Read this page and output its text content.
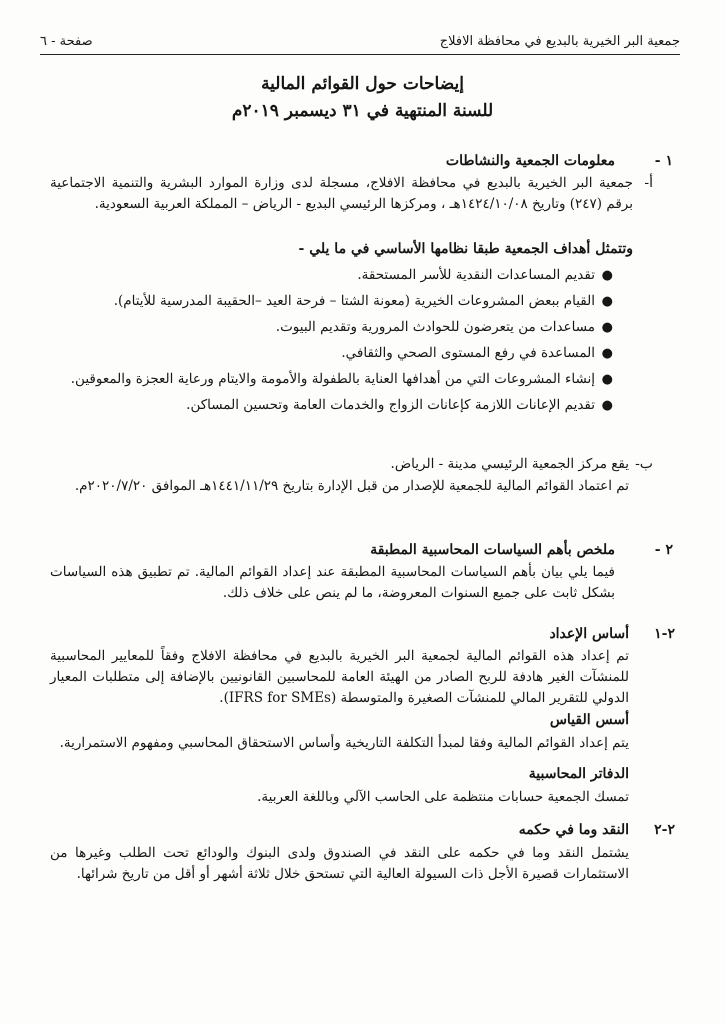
جمعية البر الخيرية بالبديع في محافظة الافلاج
صفحة - ٦
إيضاحات حول القوائم المالية
للسنة المنتهية في ٣١ ديسمبر ٢٠١٩م
١ -
معلومات الجمعية والنشاطات
أ-
جمعية البر الخيرية بالبديع في محافظة الافلاج، مسجلة لدى وزارة الموارد البشرية والتنمية الاجتماعية برقم (٢٤٧) وتاريخ ١٤٢٤/١٠/٠٨هـ ، ومركزها الرئيسي البديع - الرياض – المملكة العربية السعودية.
وتتمثل أهداف الجمعية طبقا نظامها الأساسي في ما يلي -
●
تقديم المساعدات النقدية للأسر المستحقة.
●
القيام ببعض المشروعات الخيرية (معونة الشتا – فرحة العيد –الحقيبة المدرسية للأيتام).
●
مساعدات من يتعرضون للحوادث المرورية وتقديم البيوت.
●
المساعدة في رفع المستوى الصحي والثقافي.
●
إنشاء المشروعات التي من أهدافها العناية بالطفولة والأمومة والايتام ورعاية العجزة والمعوقين.
●
تقديم الإعانات اللازمة كإعانات الزواج والخدمات العامة وتحسين المساكن.
ب-
يقع مركز الجمعية الرئيسي مدينة - الرياض.
تم اعتماد القوائم المالية للجمعية للإصدار من قبل الإدارة بتاريخ ١٤٤١/١١/٢٩هـ الموافق ٢٠٢٠/٧/٢٠م.
٢ -
ملخص بأهم السياسات المحاسبية المطبقة
فيما يلي بيان بأهم السياسات المحاسبية المطبقة عند إعداد القوائم المالية. تم تطبيق هذه السياسات بشكل ثابت على جميع السنوات المعروضة، ما لم ينص على خلاف ذلك.
٢-١
أساس الإعداد
تم إعداد هذه القوائم المالية لجمعية البر الخيرية بالبديع في محافظة الافلاج وفقاً للمعايير المحاسبية للمنشآت الغير هادفة للربح الصادر من الهيئة العامة للمحاسبين القانونيين بالإضافة إلى متطلبات المعيار الدولي للتقرير المالي للمنشآت الصغيرة والمتوسطة (IFRS for SMEs).
أسس القياس
يتم إعداد القوائم المالية وفقا لمبدأ التكلفة التاريخية وأساس الاستحقاق المحاسبي ومفهوم الاستمرارية.
الدفاتر المحاسبية
تمسك الجمعية حسابات منتظمة على الحاسب الآلي وباللغة العربية.
٢-٢
النقد وما في حكمه
يشتمل النقد وما في حكمه على النقد في الصندوق ولدى البنوك والودائع تحت الطلب وغيرها من الاستثمارات قصيرة الأجل ذات السيولة العالية التي تستحق خلال ثلاثة أشهر أو أقل من تاريخ شرائها.
